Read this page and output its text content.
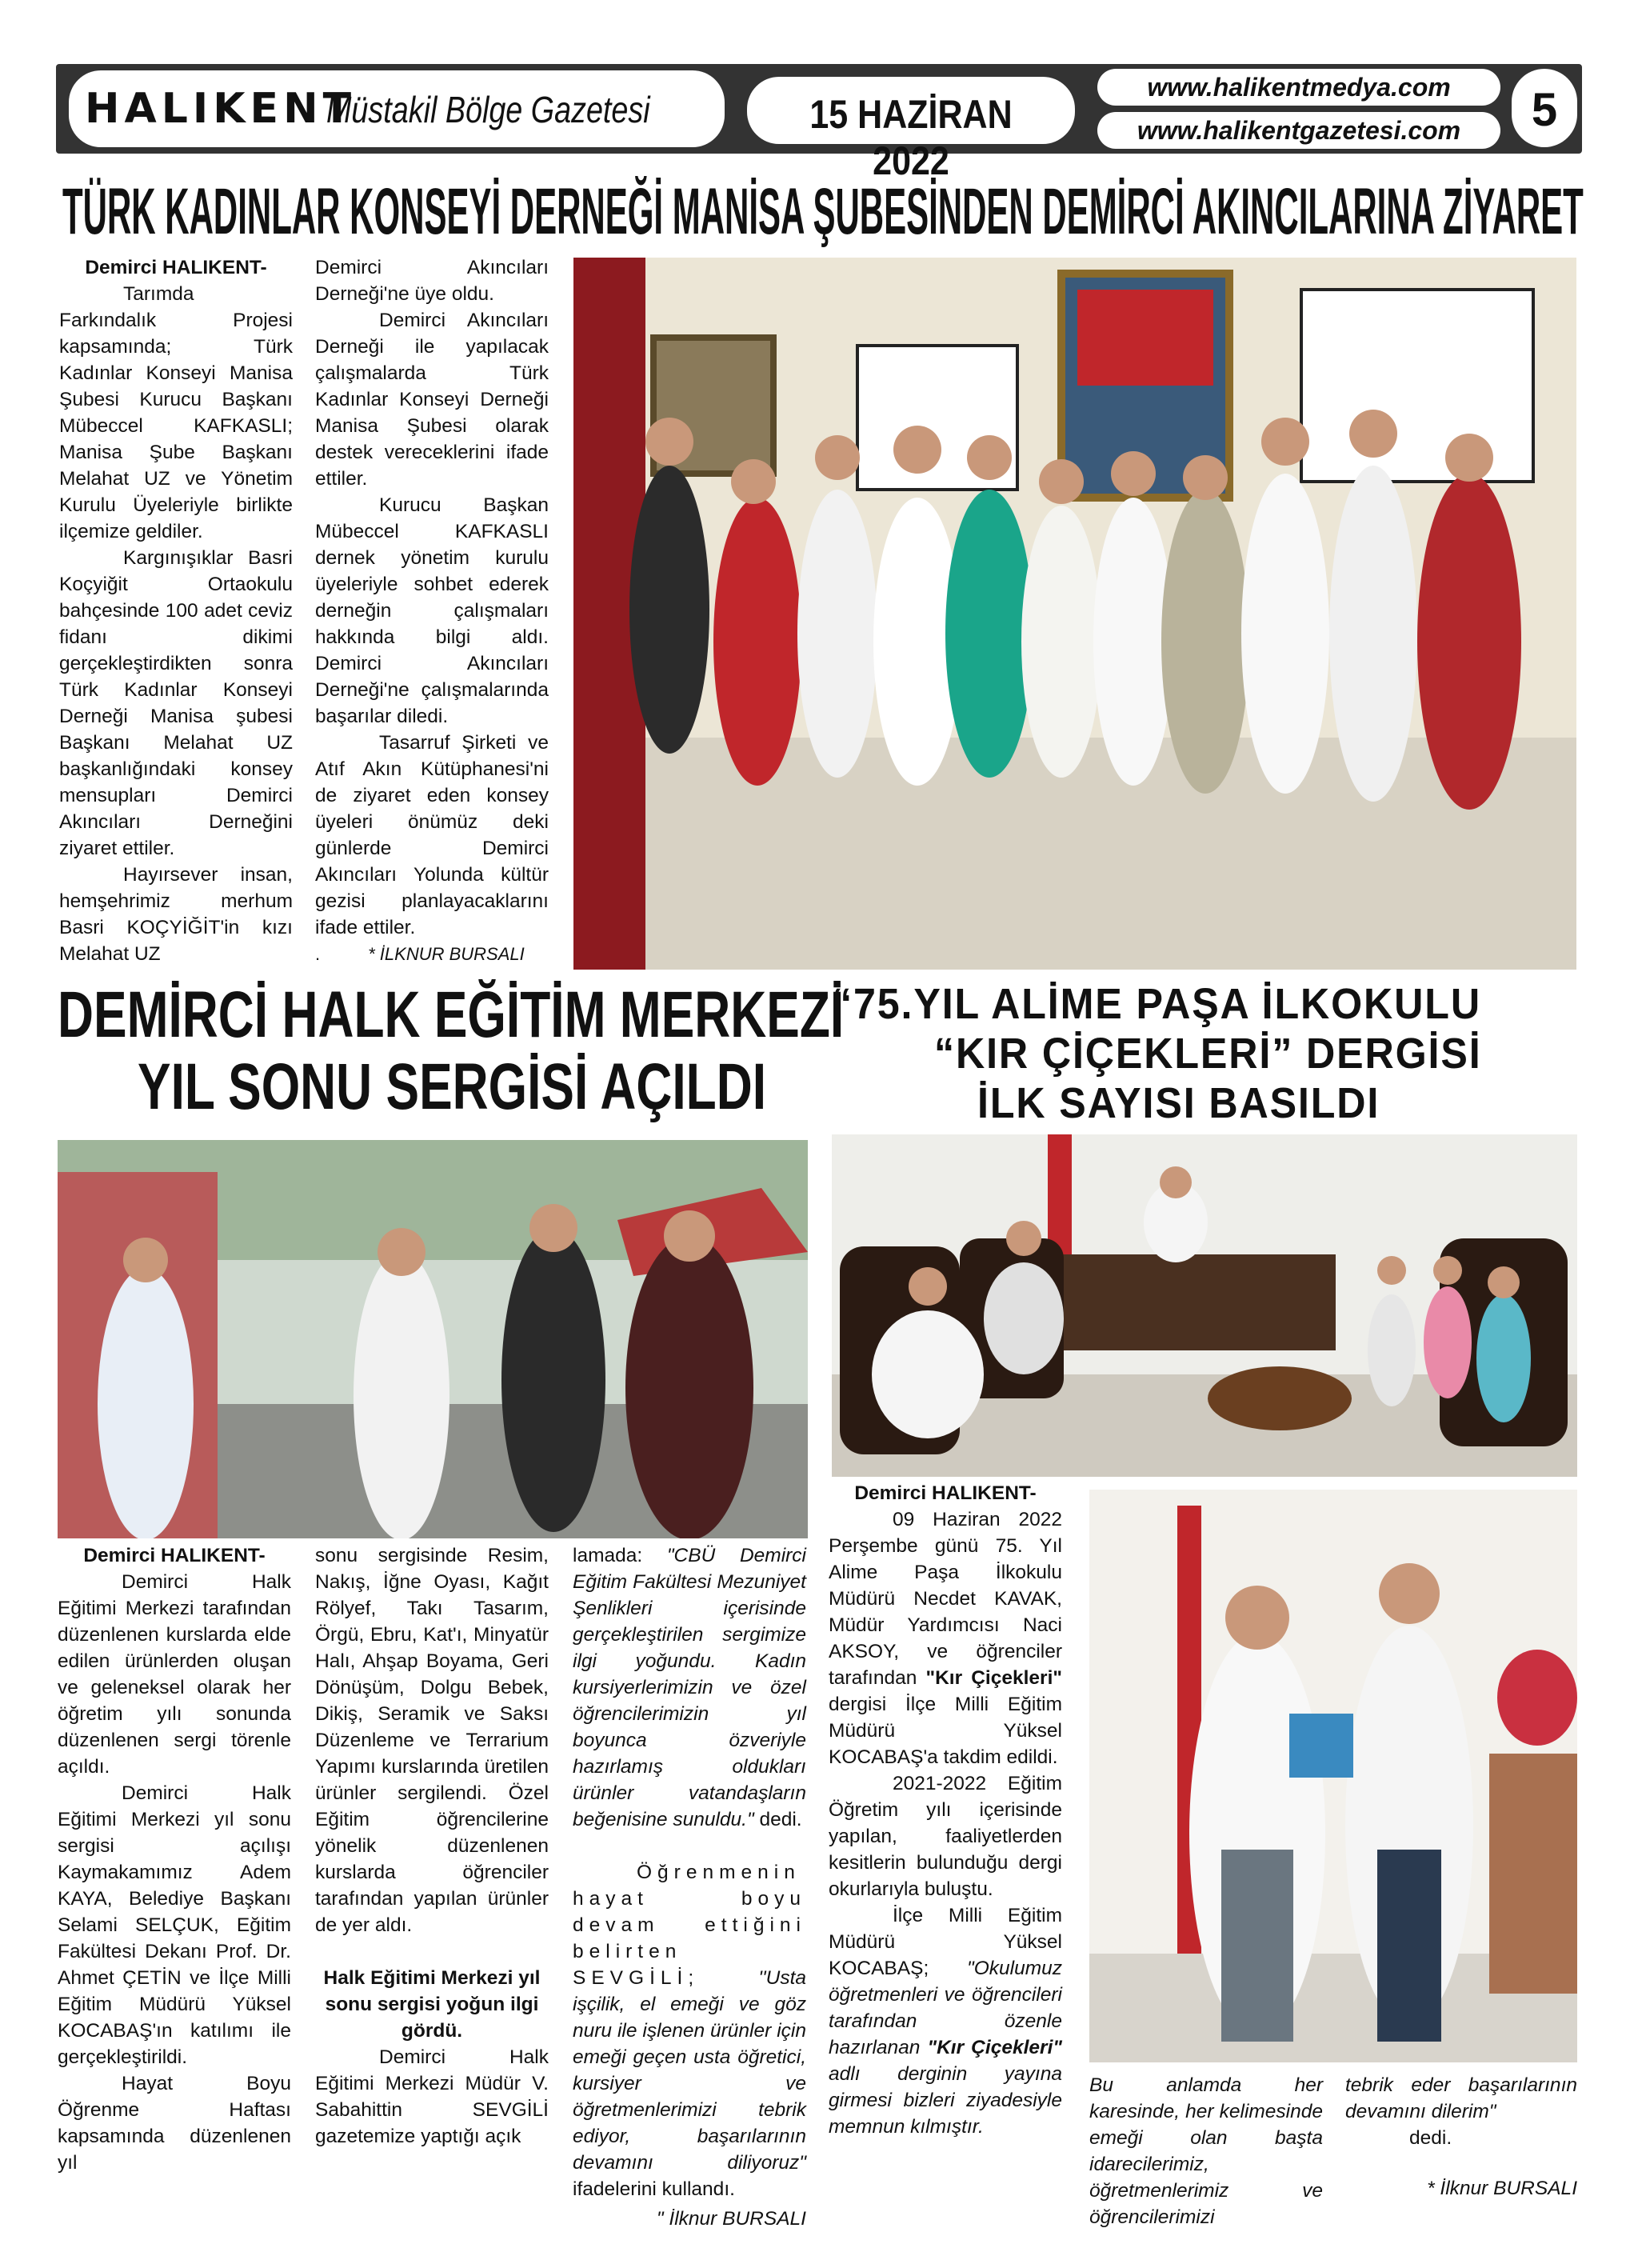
HALIKENT
Müstakil Bölge Gazetesi	15 HAZİRAN 2022
www.halikentmedya.com
www.halikentgazetesi.com	5
TÜRK KADINLAR KONSEYİ DERNEĞİ MANİSA ŞUBESİNDEN DEMİRCİ AKINCILARINA ZİYARET

Demirci HALIKENT-

Tarımda Farkındalık Projesi kapsamında; Türk Kadınlar Konseyi Manisa Şubesi Kurucu Başkanı Mübeccel KAFKASLI; Manisa Şube Başkanı Melahat UZ ve Yönetim Kurulu Üyeleriyle birlikte ilçemize geldiler.

Kargınışıklar Basri Koçyiğit Ortaokulu bahçesinde 100 adet ceviz fidanı dikimi gerçekleştirdikten sonra Türk Kadınlar Konseyi Derneği Manisa şubesi Başkanı Melahat UZ başkanlığındaki konsey mensupları Demirci Akıncıları Derneğini ziyaret ettiler.

Hayırsever insan, hemşehrimiz merhum Basri KOÇYİĞİT'in kızı Melahat UZ

Demirci Akıncıları Derneği'ne üye oldu.

Demirci Akıncıları Derneği ile yapılacak çalışmalarda Türk Kadınlar Konseyi Derneği Manisa Şubesi olarak destek vereceklerini ifade ettiler.

Kurucu Başkan Mübeccel KAFKASLI dernek yönetim kurulu üyeleriyle sohbet ederek derneğin çalışmaları hakkında bilgi aldı. Demirci Akıncıları Derneği'ne çalışmalarında başarılar diledi.

Tasarruf Şirketi ve Atıf Akın Kütüphanesi'ni de ziyaret eden konsey üyeleri önümüz deki günlerde Demirci Akıncıları Yolunda kültür gezisi planlayacaklarını ifade ettiler.

.	* İLKNUR BURSALI

DEMİRCİ HALK EĞİTİM MERKEZİ
YIL SONU SERGİSİ AÇILDI

Demirci HALIKENT-

Demirci Halk Eğitimi Merkezi tarafından düzenlenen kurslarda elde edilen ürünlerden oluşan ve geleneksel olarak her öğretim yılı sonunda düzenlenen sergi törenle açıldı.

Demirci Halk Eğitimi Merkezi yıl sonu sergisi açılışı Kaymakamımız Adem KAYA, Belediye Başkanı Selami SELÇUK, Eğitim Fakültesi Dekanı Prof. Dr. Ahmet ÇETİN ve İlçe Milli Eğitim Müdürü Yüksel KOCABAŞ'ın katılımı ile gerçekleştirildi.

Hayat Boyu Öğrenme Haftası kapsamında düzenlenen yıl

sonu sergisinde Resim, Nakış, İğne Oyası, Kağıt Rölyef, Takı Tasarım, Örgü, Ebru, Kat'ı, Minyatür Halı, Ahşap Boyama, Geri Dönüşüm, Dolgu Bebek, Dikiş, Seramik ve Saksı Düzenleme ve Terrarium Yapımı kurslarında üretilen ürünler sergilendi. Özel Eğitim öğrencilerine yönelik düzenlenen kurslarda öğrenciler tarafından yapılan ürünler de yer aldı.

Halk Eğitimi Merkezi yıl sonu sergisi yoğun ilgi gördü.

Demirci Halk Eğitimi Merkezi Müdür V. Sabahittin SEVGİLİ gazetemize yaptığı açık

lamada: "CBÜ Demirci Eğitim Fakültesi Mezuniyet Şenlikleri içerisinde gerçekleştirilen sergimize ilgi yoğundu. Kadın kursiyerlerimizin ve özel öğrencilerimizin yıl boyunca özveriyle hazırlamış oldukları ürünler vatandaşların beğenisine sunuldu." dedi.

Öğrenmenin hayat boyu devam ettiğini belirten SEVGİLİ;	''Usta işçilik, el emeği ve göz nuru ile işlenen ürünler için emeği geçen usta öğretici, kursiyer ve öğretmenlerimizi tebrik ediyor, başarılarının devamını diliyoruz" ifadelerini kullandı.

" İlknur BURSALI

“75.YIL ALİME PAŞA İLKOKULU
“KIR ÇİÇEKLERİ” DERGİSİ
İLK SAYISI BASILDI

Demirci HALIKENT-

09 Haziran 2022 Perşembe günü 75. Yıl Alime Paşa İlkokulu Müdürü Necdet KAVAK, Müdür Yardımcısı Naci AKSOY, ve öğrenciler tarafından "Kır Çiçekleri" dergisi İlçe Milli Eğitim Müdürü Yüksel KOCABAŞ'a takdim edildi.

2021-2022 Eğitim Öğretim yılı içerisinde yapılan, faaliyetlerden kesitlerin bulunduğu dergi okurlarıyla buluştu.

İlçe Milli Eğitim Müdürü Yüksel KOCABAŞ; "Okulumuz öğretmenleri ve öğrencileri tarafından özenle hazırlanan "Kır Çiçekleri" adlı derginin yayına girmesi bizleri ziyadesiyle memnun kılmıştır.

Bu anlamda her karesinde, her kelimesinde emeği olan başta idarecilerimiz, öğretmenlerimiz ve öğrencilerimizi

tebrik eder başarılarının devamını dilerim"

dedi.

* İlknur BURSALI
